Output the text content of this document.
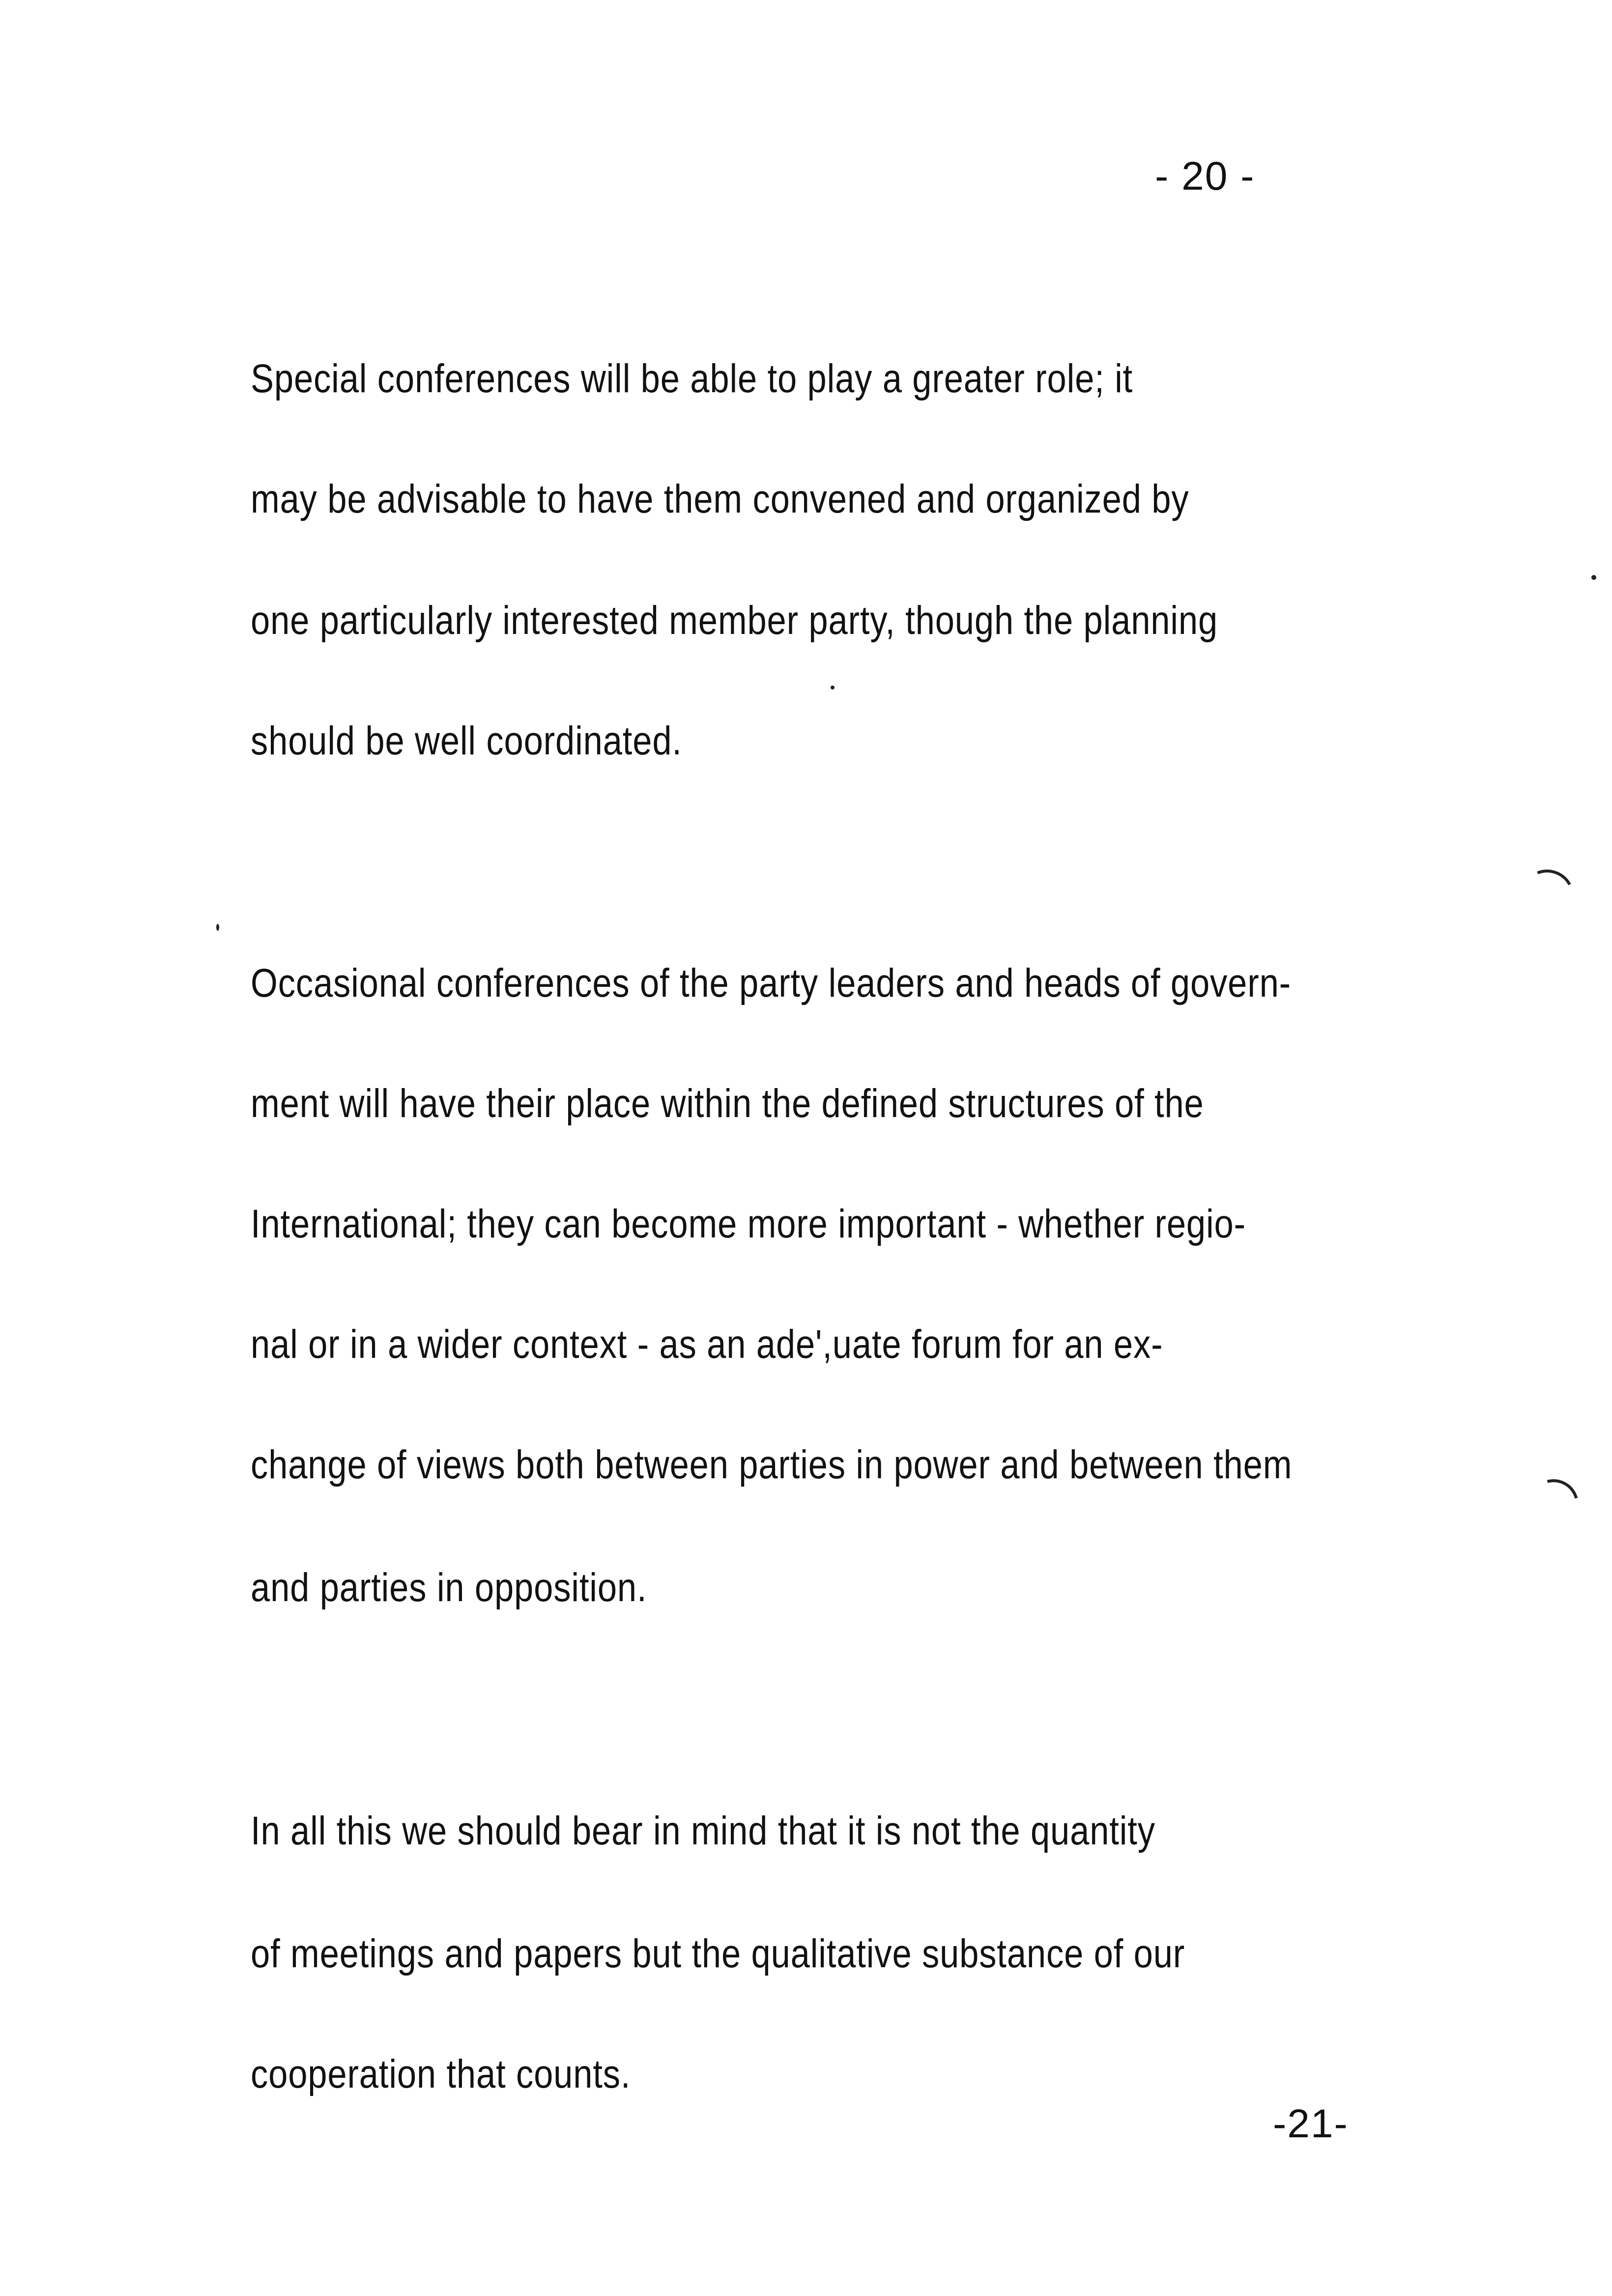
- 20 -
Special conferences will be able to play a greater role; it
may be advisable to have them convened and organized by
one particularly interested member party, though the planning
should be well coordinated.
Occasional conferences of the party leaders and heads of govern-
ment will have their place within the defined structures of the
International; they can become more important - whether regio-
nal or in a wider context - as an ade',uate forum for an ex-
change of views both between parties in power and between them
and parties in opposition.
In all this we should bear in mind that it is not the quantity
of meetings and papers but the qualitative substance of our
cooperation that counts.
-21-
